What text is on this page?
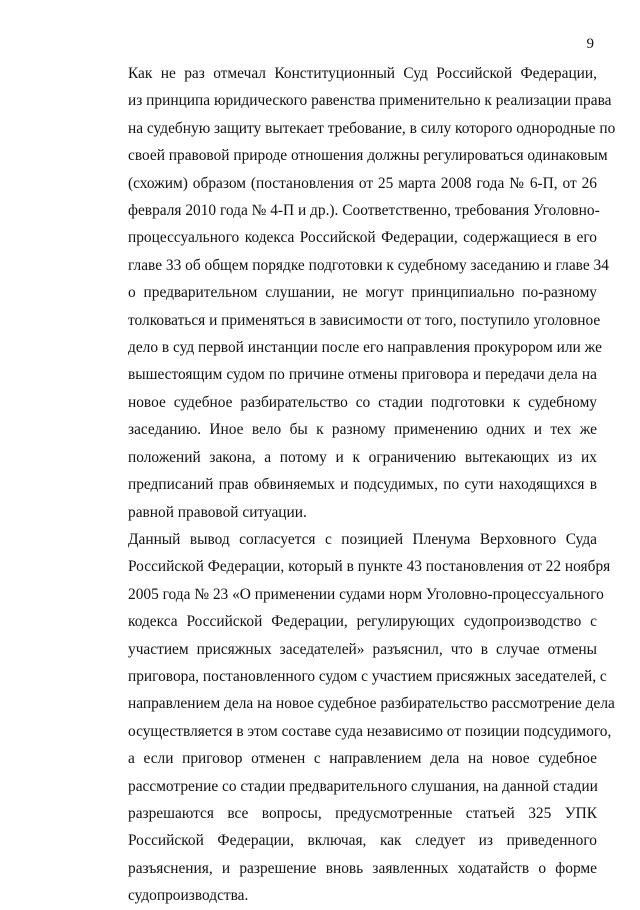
9
Как не раз отмечал Конституционный Суд Российской Федерации,
из принципа юридического равенства применительно к реализации права
на судебную защиту вытекает требование, в силу которого однородные по
своей правовой природе отношения должны регулироваться одинаковым
(схожим) образом (постановления от 25 марта 2008 года № 6-П, от 26
февраля 2010 года № 4-П и др.). Соответственно, требования Уголовно-
процессуального кодекса Российской Федерации, содержащиеся в его
главе 33 об общем порядке подготовки к судебному заседанию и главе 34
о предварительном слушании, не могут принципиально по-разному
толковаться и применяться в зависимости от того, поступило уголовное
дело в суд первой инстанции после его направления прокурором или же
вышестоящим судом по причине отмены приговора и передачи дела на
новое судебное разбирательство со стадии подготовки к судебному
заседанию. Иное вело бы к разному применению одних и тех же
положений закона, а потому и к ограничению вытекающих из их
предписаний прав обвиняемых и подсудимых, по сути находящихся в
равной правовой ситуации.
Данный вывод согласуется с позицией Пленума Верховного Суда
Российской Федерации, который в пункте 43 постановления от 22 ноября
2005 года № 23 «О применении судами норм Уголовно-процессуального
кодекса Российской Федерации, регулирующих судопроизводство с
участием присяжных заседателей» разъяснил, что в случае отмены
приговора, постановленного судом с участием присяжных заседателей, с
направлением дела на новое судебное разбирательство рассмотрение дела
осуществляется в этом составе суда независимо от позиции подсудимого,
а если приговор отменен с направлением дела на новое судебное
рассмотрение со стадии предварительного слушания, на данной стадии
разрешаются все вопросы, предусмотренные статьей 325 УПК
Российской Федерации, включая, как следует из приведенного
разъяснения, и разрешение вновь заявленных ходатайств о форме
судопроизводства.
